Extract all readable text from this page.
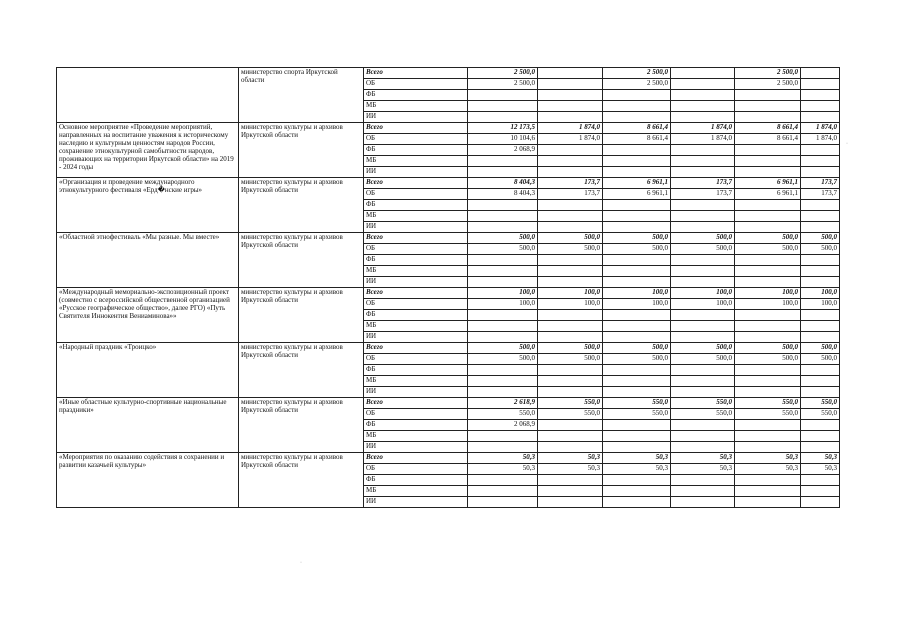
	министерство спорта Иркутской области	Всего	2 500,0		2 500,0		2 500,0	
		ОБ	2 500,0		2 500,0		2 500,0	
		ФБ						
		МБ						
		ИИ						
Основное мероприятие «Проведение мероприятий, направленных на воспитание уважения к историческому наследию и культурным ценностям народов России, сохранение этнокультурной самобытности народов, проживающих на территории Иркутской области» на 2019 - 2024 годы	министерство культуры и архивов Иркутской области	Всего	12 173,5	1 874,0	8 661,4	1 874,0	8 661,4	1 874,0
		ОБ	10 104,6	1 874,0	8 661,4	1 874,0	8 661,4	1 874,0
		ФБ	2 068,9					
		МБ						
		ИИ						
«Организация и проведение международного этнокультурного фестиваля «Ерд�нские игры»	министерство культуры и архивов Иркутской области	Всего	8 404,3	173,7	6 961,1	173,7	6 961,1	173,7
		ОБ	8 404,3	173,7	6 961,1	173,7	6 961,1	173,7
		ФБ						
		МБ						
		ИИ						
«Областной этнофестиваль «Мы разные. Мы вместе»	министерство культуры и архивов Иркутской области	Всего	500,0	500,0	500,0	500,0	500,0	500,0
		ОБ	500,0	500,0	500,0	500,0	500,0	500,0
		ФБ						
		МБ						
		ИИ						
«Международный мемориально-экспозиционный проект (совместно с всероссийской общественной организацией «Русское географическое общество», далее РГО) «Путь Святителя Иннокентия Вениаминова»»	министерство культуры и архивов Иркутской области	Всего	100,0	100,0	100,0	100,0	100,0	100,0
		ОБ	100,0	100,0	100,0	100,0	100,0	100,0
		ФБ						
		МБ						
		ИИ						
«Народный праздник «Троицко»	министерство культуры и архивов Иркутской области	Всего	500,0	500,0	500,0	500,0	500,0	500,0
		ОБ	500,0	500,0	500,0	500,0	500,0	500,0
		ФБ						
		МБ						
		ИИ						
«Иные областные культурно-спортивные национальные праздники»	министерство культуры и архивов Иркутской области	Всего	2 618,9	550,0	550,0	550,0	550,0	550,0
		ОБ	550,0	550,0	550,0	550,0	550,0	550,0
		ФБ	2 068,9					
		МБ						
		ИИ						
«Мероприятия по оказанию содействия в сохранении и развитии казачьей культуры»	министерство культуры и архивов Иркутской области	Всего	50,3	50,3	50,3	50,3	50,3	50,3
		ОБ	50,3	50,3	50,3	50,3	50,3	50,3
		ФБ						
		МБ						
		ИИ						
·
·
·
